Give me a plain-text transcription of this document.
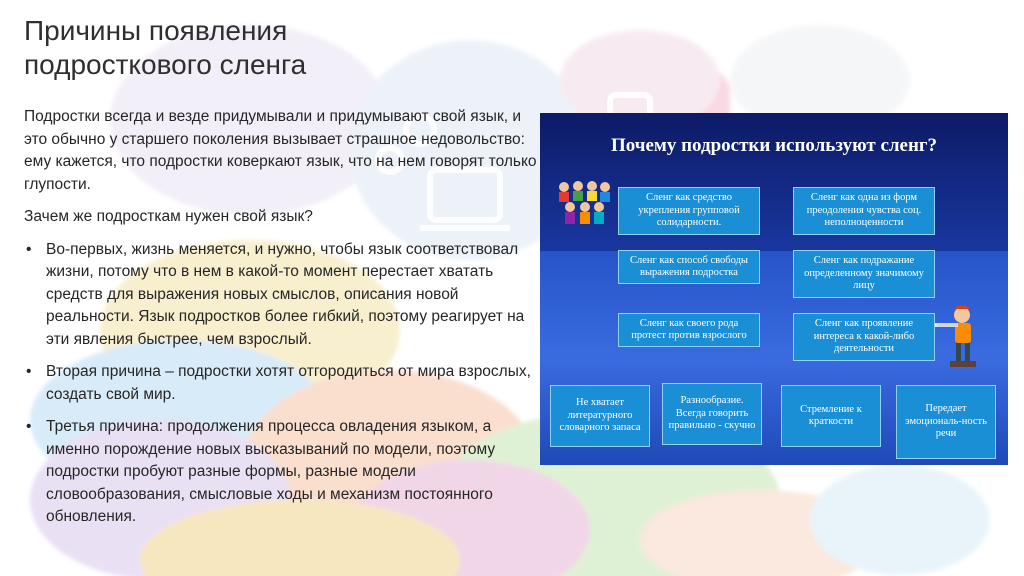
Причины появления
подросткового сленга

Подростки всегда и везде придумывали и придумывают свой язык, и это обычно у старшего поколения вызывает страшное недовольство: ему кажется, что подростки коверкают язык, что на нем говорят только глупости.

Зачем же подросткам нужен свой язык?

• Во-первых, жизнь меняется, и нужно, чтобы язык соответствовал жизни, потому что в нем в какой-то момент перестает хватать средств для выражения новых смыслов, описания новой реальности. Язык подростков более гибкий, поэтому реагирует на эти явления быстрее, чем взрослый.
• Вторая причина – подростки хотят отгородиться от мира взрослых, создать свой мир.
• Третья причина: продолжения процесса овладения языком, а именно порождение новых высказываний по модели, поэтому подростки пробуют разные формы, разные модели словообразования, смысловые ходы и механизм постоянного обновления.
Почему подростки используют сленг?
Сленг как средство укрепления групповой солидарности.
Сленг как одна из форм преодоления чувства соц. неполноценности
Сленг как способ свободы выражения подростка
Сленг как подражание определенному значимому лицу
Сленг как своего рода протест против взрослого
Сленг как проявление интереса к какой-либо деятельности
Не хватает литературного словарного запаса
Разнообразие. Всегда говорить правильно - скучно
Стремление к краткости
Передает эмоциональ-ность речи
